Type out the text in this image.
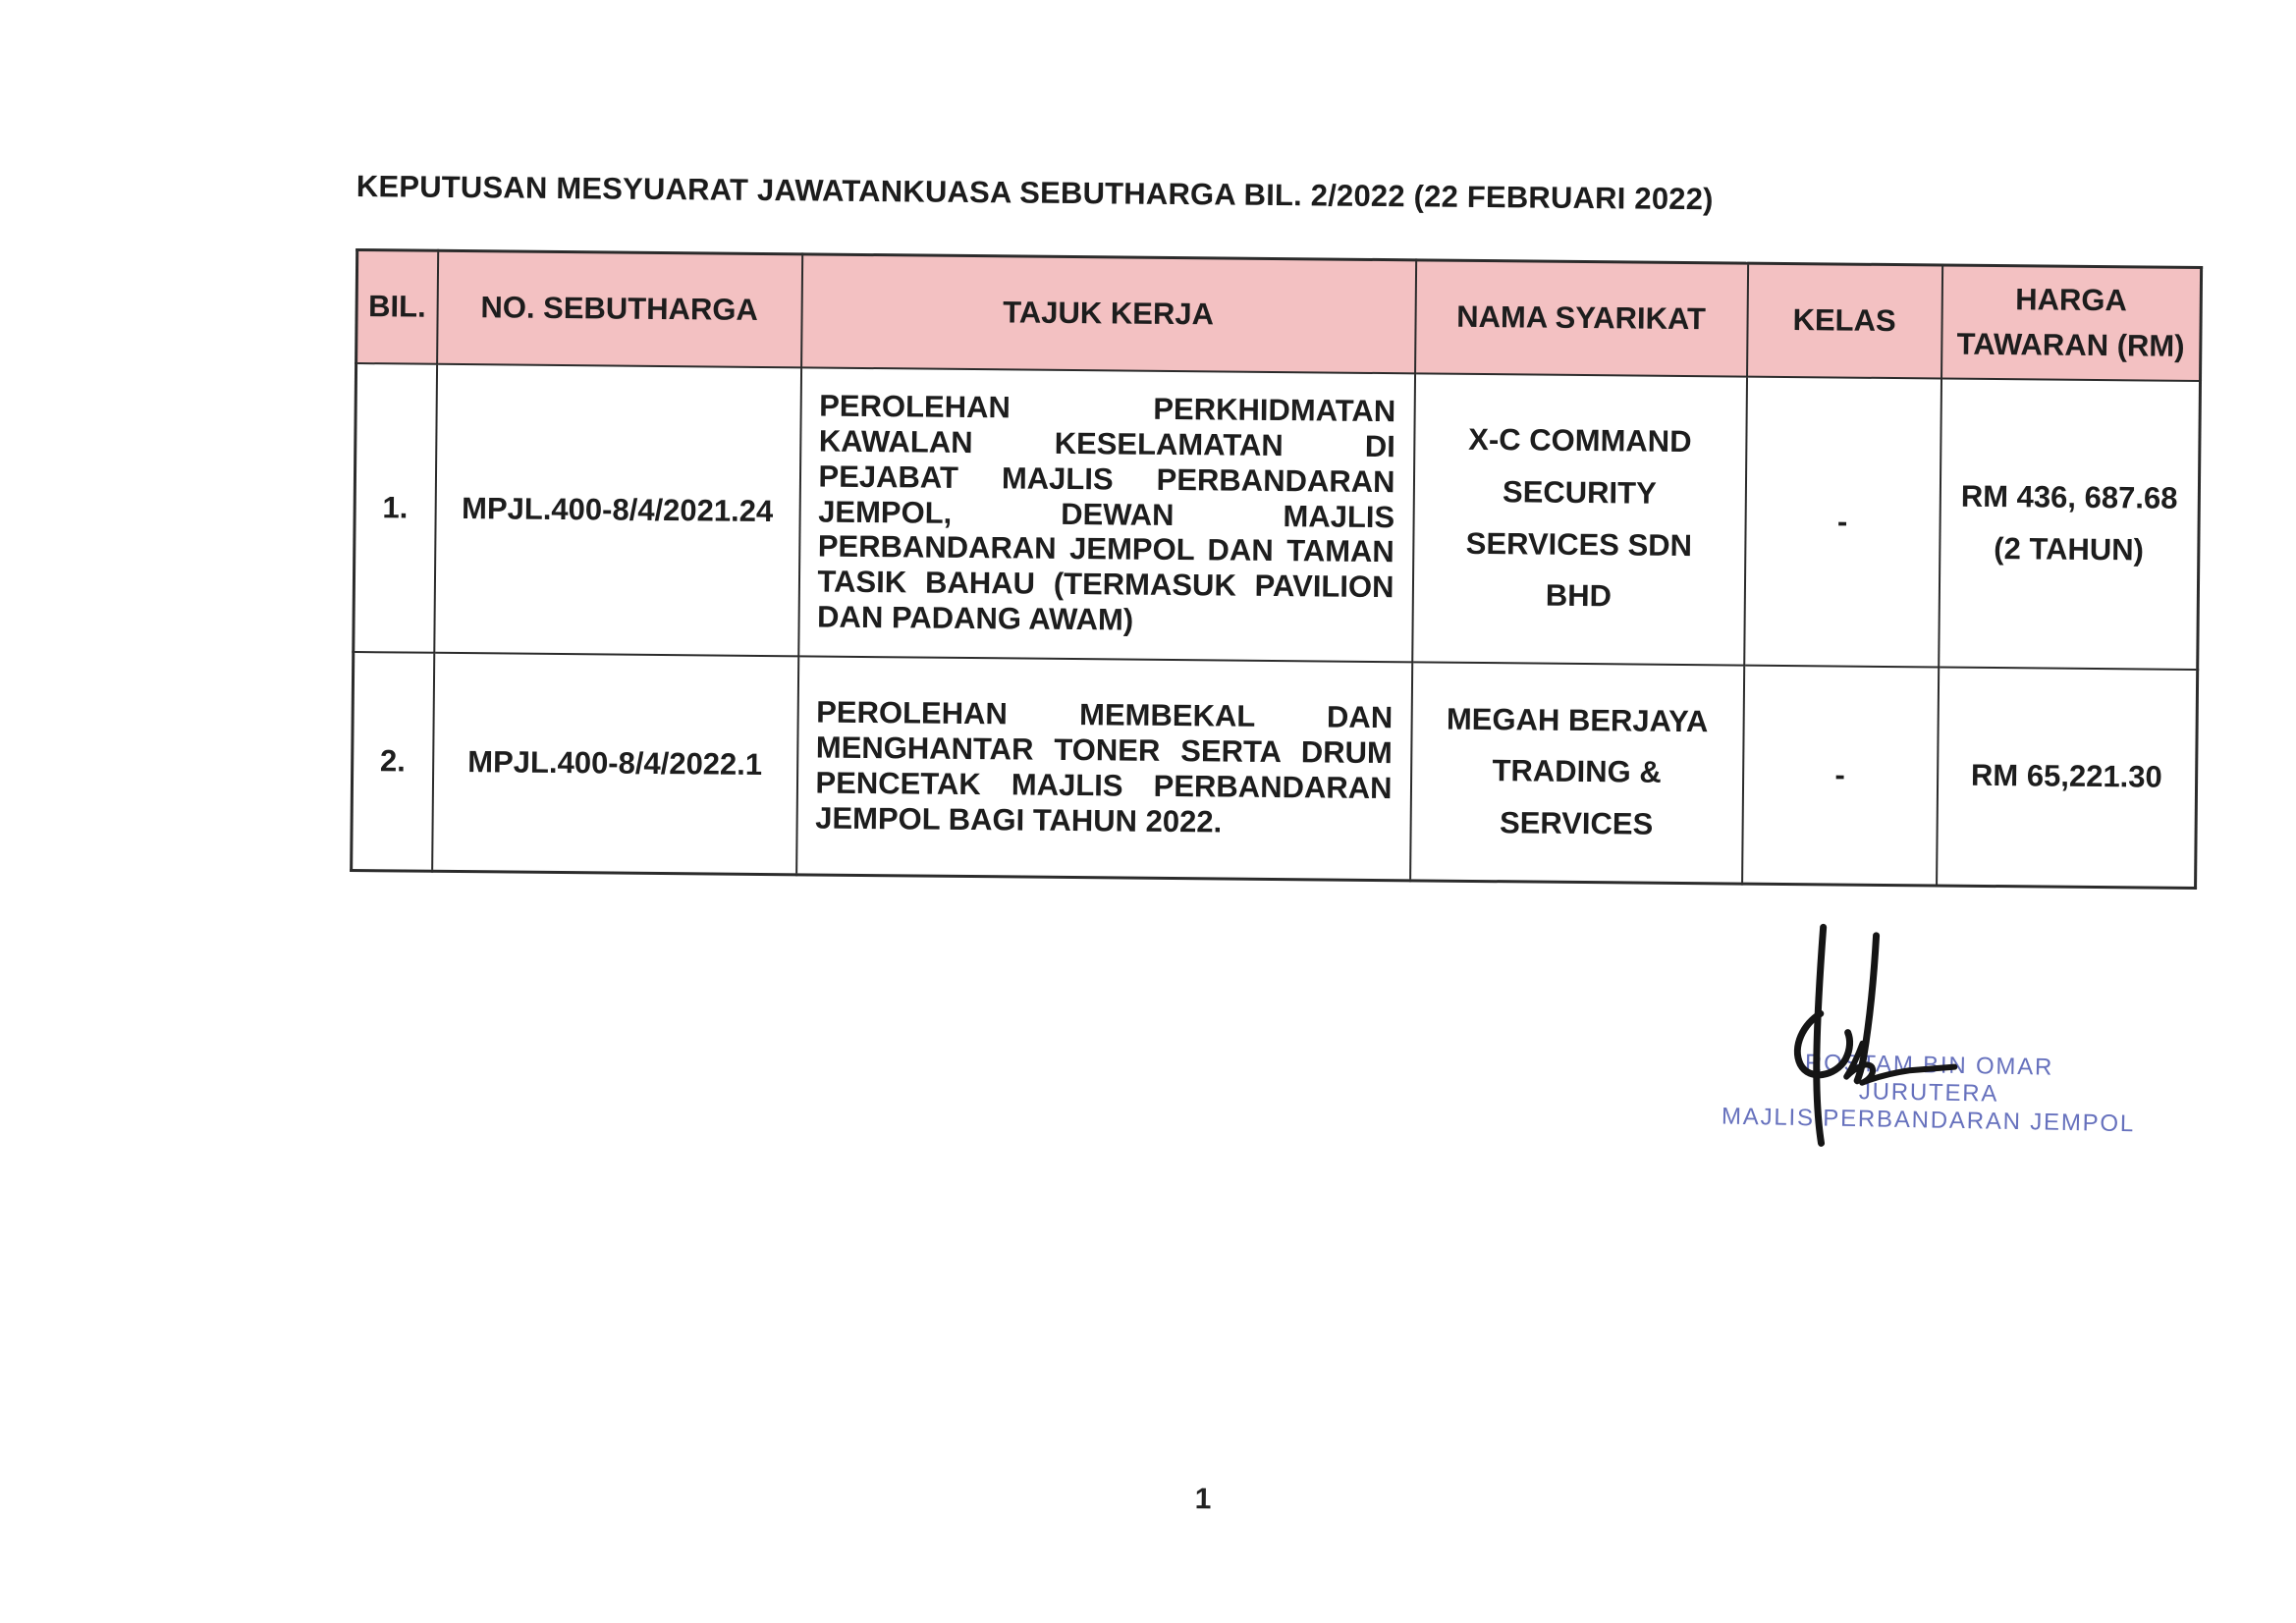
KEPUTUSAN MESYUARAT JAWATANKUASA SEBUTHARGA BIL. 2/2022 (22 FEBRUARI 2022)
BIL.	NO. SEBUTHARGA	TAJUK KERJA	NAMA SYARIKAT	KELAS	HARGA TAWARAN (RM)
1.	MPJL.400-8/4/2021.24	PEROLEHAN PERKHIDMATAN KAWALAN KESELAMATAN DI PEJABAT MAJLIS PERBANDARAN JEMPOL, DEWAN MAJLIS PERBANDARAN JEMPOL DAN TAMAN TASIK BAHAU (TERMASUK PAVILION DAN PADANG AWAM)	X-C COMMAND SECURITY SERVICES SDN BHD	-	RM 436, 687.68
(2 TAHUN)

2.	MPJL.400-8/4/2022.1	PEROLEHAN MEMBEKAL DAN MENGHANTAR TONER SERTA DRUM PENCETAK MAJLIS PERBANDARAN JEMPOL BAGI TAHUN 2022.	MEGAH BERJAYA TRADING & SERVICES	-	RM 65,221.30
ROSTAM BIN OMAR
JURUTERA
MAJLIS PERBANDARAN JEMPOL
1
